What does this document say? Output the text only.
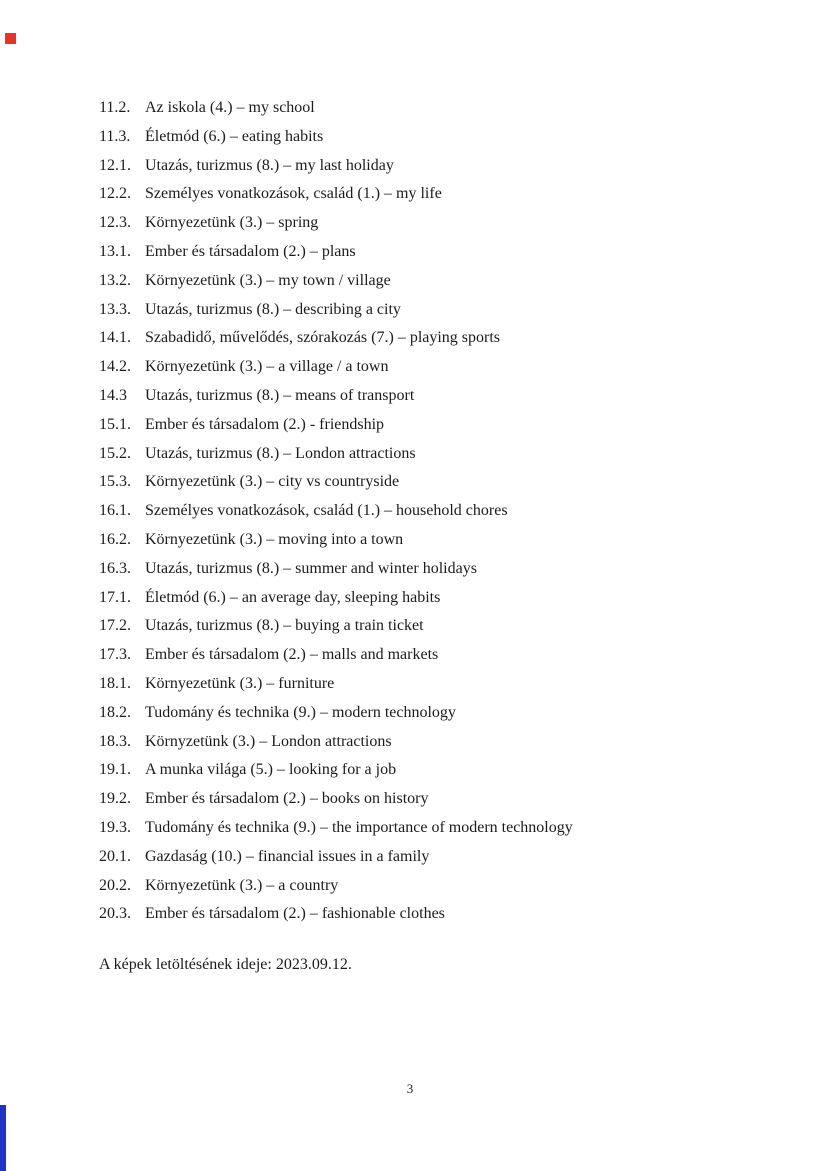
11.2. Az iskola (4.) – my school
11.3. Életmód (6.) – eating habits
12.1. Utazás, turizmus (8.) – my last holiday
12.2. Személyes vonatkozások, család (1.) – my life
12.3. Környezetünk (3.) – spring
13.1. Ember és társadalom (2.) – plans
13.2. Környezetünk (3.) – my town / village
13.3. Utazás, turizmus (8.) – describing a city
14.1. Szabadidő, művelődés, szórakozás (7.) – playing sports
14.2. Környezetünk (3.) – a village / a town
14.3	Utazás, turizmus (8.) – means of transport
15.1. Ember és társadalom (2.) - friendship
15.2. Utazás, turizmus (8.) – London attractions
15.3. Környezetünk (3.) – city vs countryside
16.1. Személyes vonatkozások, család (1.) – household chores
16.2. Környezetünk (3.) – moving into a town
16.3. Utazás, turizmus (8.) – summer and winter holidays
17.1. Életmód (6.) – an average day, sleeping habits
17.2. Utazás, turizmus (8.) – buying a train ticket
17.3. Ember és társadalom (2.) – malls and markets
18.1. Környezetünk (3.) – furniture
18.2. Tudomány és technika (9.) – modern technology
18.3. Környzetünk (3.) – London attractions
19.1. A munka világa (5.) – looking for a job
19.2. Ember és társadalom (2.) – books on history
19.3. Tudomány és technika (9.) – the importance of modern technology
20.1. Gazdaság (10.) – financial issues in a family
20.2. Környezetünk (3.) – a country
20.3. Ember és társadalom (2.) – fashionable clothes
A képek letöltésének ideje: 2023.09.12.
3
